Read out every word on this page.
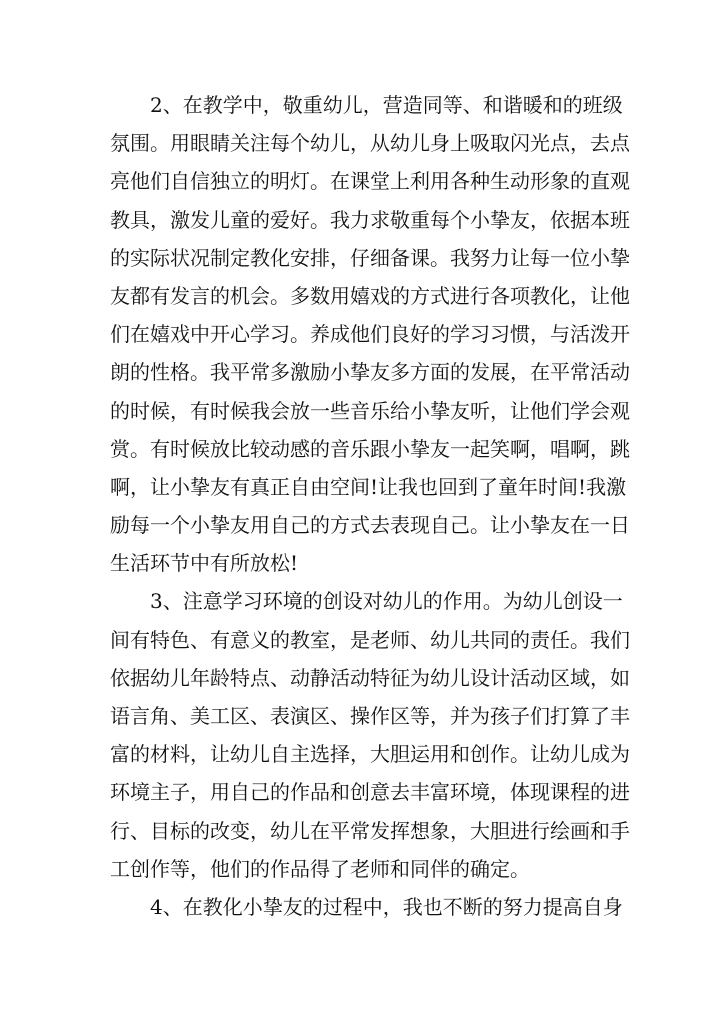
2、在教学中，敬重幼儿，营造同等、和谐暖和的班级
氛围。用眼睛关注每个幼儿，从幼儿身上吸取闪光点，去点
亮他们自信独立的明灯。在课堂上利用各种生动形象的直观
教具，激发儿童的爱好。我力求敬重每个小挚友，依据本班
的实际状况制定教化安排，仔细备课。我努力让每一位小挚
友都有发言的机会。多数用嬉戏的方式进行各项教化，让他
们在嬉戏中开心学习。养成他们良好的学习习惯，与活泼开
朗的性格。我平常多激励小挚友多方面的发展，在平常活动
的时候，有时候我会放一些音乐给小挚友听，让他们学会观
赏。有时候放比较动感的音乐跟小挚友一起笑啊，唱啊，跳
啊，让小挚友有真正自由空间!让我也回到了童年时间!我激
励每一个小挚友用自己的方式去表现自己。让小挚友在一日
生活环节中有所放松!
3、注意学习环境的创设对幼儿的作用。为幼儿创设一
间有特色、有意义的教室，是老师、幼儿共同的责任。我们
依据幼儿年龄特点、动静活动特征为幼儿设计活动区域，如
语言角、美工区、表演区、操作区等，并为孩子们打算了丰
富的材料，让幼儿自主选择，大胆运用和创作。让幼儿成为
环境主子，用自己的作品和创意去丰富环境，体现课程的进
行、目标的改变，幼儿在平常发挥想象，大胆进行绘画和手
工创作等，他们的作品得了老师和同伴的确定。
4、在教化小挚友的过程中，我也不断的努力提高自身
